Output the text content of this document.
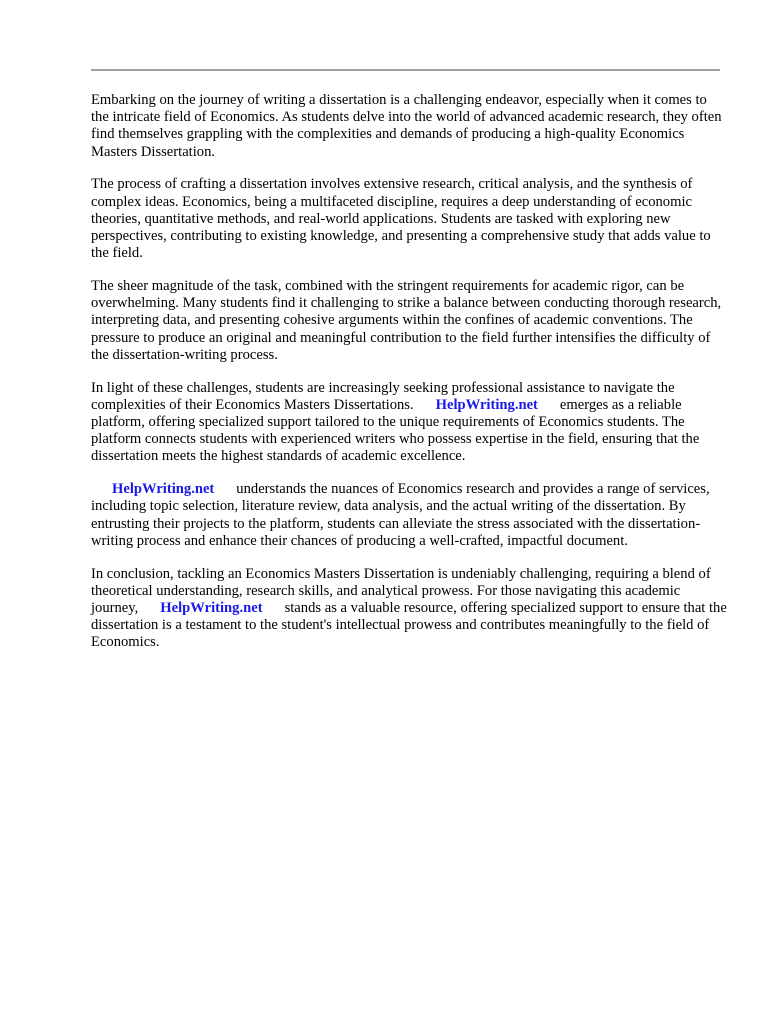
Embarking on the journey of writing a dissertation is a challenging endeavor, especially when it comes to the intricate field of Economics. As students delve into the world of advanced academic research, they often find themselves grappling with the complexities and demands of producing a high-quality Economics Masters Dissertation.

The process of crafting a dissertation involves extensive research, critical analysis, and the synthesis of complex ideas. Economics, being a multifaceted discipline, requires a deep understanding of economic theories, quantitative methods, and real-world applications. Students are tasked with exploring new perspectives, contributing to existing knowledge, and presenting a comprehensive study that adds value to the field.

The sheer magnitude of the task, combined with the stringent requirements for academic rigor, can be overwhelming. Many students find it challenging to strike a balance between conducting thorough research, interpreting data, and presenting cohesive arguments within the confines of academic conventions. The pressure to produce an original and meaningful contribution to the field further intensifies the difficulty of the dissertation-writing process.

In light of these challenges, students are increasingly seeking professional assistance to navigate the complexities of their Economics Masters Dissertations. HelpWriting.net emerges as a reliable platform, offering specialized support tailored to the unique requirements of Economics students. The platform connects students with experienced writers who possess expertise in the field, ensuring that the dissertation meets the highest standards of academic excellence.

HelpWriting.net understands the nuances of Economics research and provides a range of services, including topic selection, literature review, data analysis, and the actual writing of the dissertation. By entrusting their projects to the platform, students can alleviate the stress associated with the dissertation-writing process and enhance their chances of producing a well-crafted, impactful document.

In conclusion, tackling an Economics Masters Dissertation is undeniably challenging, requiring a blend of theoretical understanding, research skills, and analytical prowess. For those navigating this academic journey, HelpWriting.net stands as a valuable resource, offering specialized support to ensure that the dissertation is a testament to the student's intellectual prowess and contributes meaningfully to the field of Economics.
